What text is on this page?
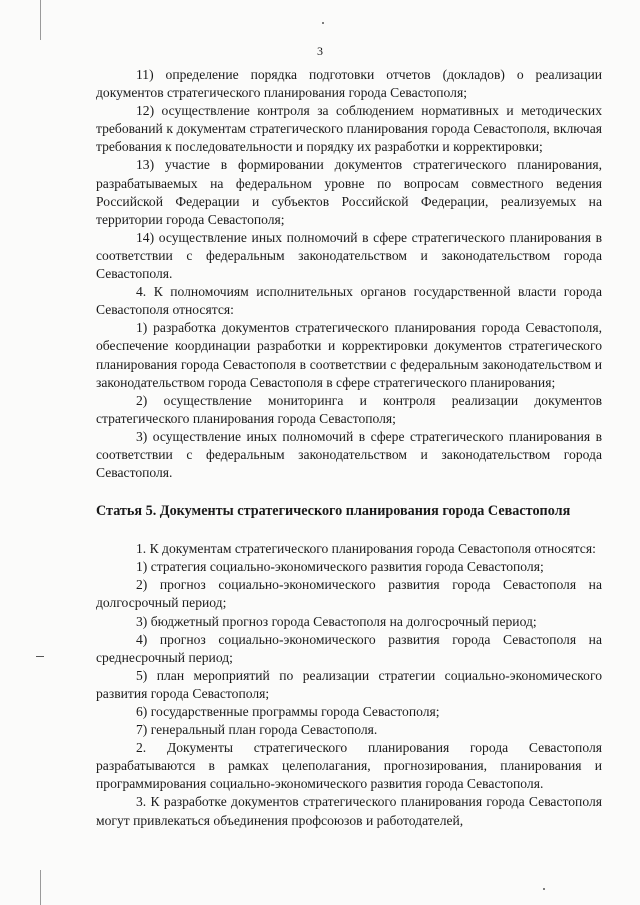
3

11) определение порядка подготовки отчетов (докладов) о реализации документов стратегического планирования города Севастополя;

12) осуществление контроля за соблюдением нормативных и методических требований к документам стратегического планирования города Севастополя, включая требования к последовательности и порядку их разработки и корректировки;

13) участие в формировании документов стратегического планирования, разрабатываемых на федеральном уровне по вопросам совместного ведения Российской Федерации и субъектов Российской Федерации, реализуемых на территории города Севастополя;

14) осуществление иных полномочий в сфере стратегического планирования в соответствии с федеральным законодательством и законодательством города Севастополя.

4. К полномочиям исполнительных органов государственной власти города Севастополя относятся:

1) разработка документов стратегического планирования города Севастополя, обеспечение координации разработки и корректировки документов стратегического планирования города Севастополя в соответствии с федеральным законодательством и законодательством города Севастополя в сфере стратегического планирования;

2) осуществление мониторинга и контроля реализации документов стратегического планирования города Севастополя;

3) осуществление иных полномочий в сфере стратегического планирования в соответствии с федеральным законодательством и законодательством города Севастополя.

Статья 5. Документы стратегического планирования города Севастополя

1. К документам стратегического планирования города Севастополя относятся:

1) стратегия социально-экономического развития города Севастополя;

2) прогноз социально-экономического развития города Севастополя на долгосрочный период;

3) бюджетный прогноз города Севастополя на долгосрочный период;

4) прогноз социально-экономического развития города Севастополя на среднесрочный период;

5) план мероприятий по реализации стратегии социально-экономического развития города Севастополя;

6) государственные программы города Севастополя;

7) генеральный план города Севастополя.

2. Документы стратегического планирования города Севастополя разрабатываются в рамках целеполагания, прогнозирования, планирования и программирования социально-экономического развития города Севастополя.

3. К разработке документов стратегического планирования города Севастополя могут привлекаться объединения профсоюзов и работодателей,
